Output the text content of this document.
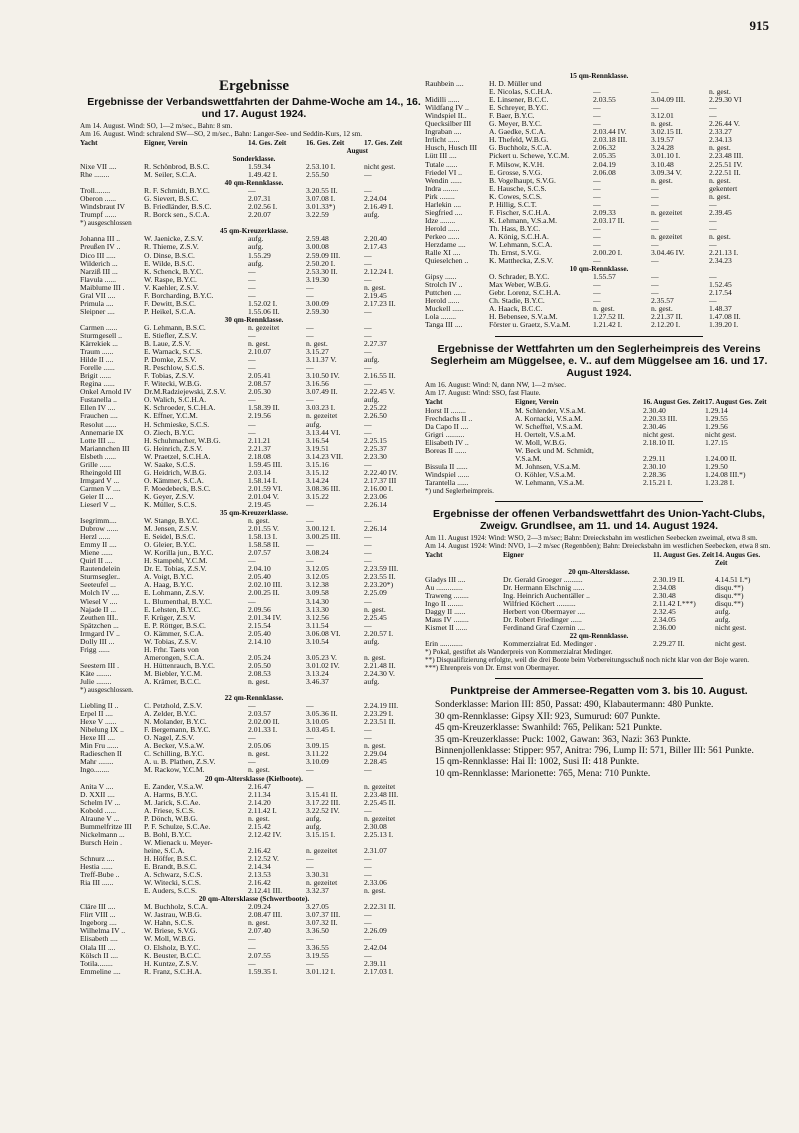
915
Ergebnisse
Ergebnisse der Verbandswettfahrten der Dahme-Woche am 14., 16. und 17. August 1924.

Am 14. August. Wind: SO, 1—2 m/sec., Bahn: 8 sm.

Am 16. August. Wind: schralend SW—SO, 2 m/sec., Bahn: Langer-See- und Seddin-Kurs, 12 sm.

Yacht	Eigner, Verein	14. Ges. Zeit	16. Ges. Zeit	17. Ges. Zeit
August
Sonderklasse.
Nixe VII ....	R. Schönbrod, B.S.C.	1.59.34	2.53.10 I.	nicht gest.
Rhe ........	M. Seiler, S.C.A.	1.49.42 I.	2.55.50	—
40 qm-Rennklasse.
Troll........	R. F. Schmidt, B.Y.C.	—	3.20.55 II.	—
Oberon ......	G. Sievert, B.S.C.	2.07.31	3.07.08 I.	2.24.04
Windsbraut IV	B. Friedländer, B.S.C.	2.02.56 I.	3.01.33*)	2.16.49 I.
Trumpf ......	R. Borck sen., S.C.A.	2.20.07	3.22.59	aufg.
*) ausgeschlossen
45 qm-Kreuzerklasse.
Johanna III ..	W. Jaenicke, Z.S.V.	aufg.	2.59.48	2.20.40
Preußen IV ..	R. Thieme, Z.S.V.	aufg.	3.00.08	2.17.43
Dico III .....	O. Dinse, B.S.C.	1.55.29	2.59.09 III.	—
Wilderich ...	E. Wilde, B.S.C.	aufg.	2.50.20 I.	—
Narziß III ...	K. Schenck, B.Y.C.	—	2.53.30 II.	2.12.24 I.
Flavula ......	W. Raspe, B.Y.C.	—	3.19.30	—
Maiblume III .	V. Kaehler, Z.S.V.	—	—	n. gest.
Gral VII ....	F. Borcharding, B.Y.C.	—	—	2.19.45
Primula ....	F. Dewitt, B.S.C.	1.52.02 I.	3.00.09	2.17.23 II.
Sleipner ....	P. Heikel, S.C.A.	1.55.06 II.	2.59.30	—
30 qm-Rennklasse.
Carmen ......	G. Lehmann, B.S.C.	n. gezeitet	—	—
Sturmgesell ..	E. Stiefler, Z.S.V.	—	—	—
Kärrekiek ...	B. Laue, Z.S.V.	n. gest.	n. gest.	2.27.37
Traum ......	E. Warnack, S.C.S.	2.10.07	3.15.27	—
Hilde II ....	P. Domke, Z.S.V.	—	3.11.37 V.	aufg.
Forelle ......	R. Peschlow, S.C.S.	—	—	—
Brigit ......	F. Tobias, Z.S.V.	2.05.41	3.10.50 IV.	2.16.55 II.
Regina ......	F. Witecki, W.B.G.	2.08.57	3.16.56	—
Onkel Arnold IV	Dr.M.Radziejewski, Z.S.V.	2.05.30	3.07.49 II.	2.22.45 V.
Fustanella ..	O. Walich, S.C.H.A.	—	—	aufg.
Ellen IV ....	K. Schroeder, S.C.H.A.	1.58.39 II.	3.03.23 I.	2.25.22
Frauchen ....	K. Effner, Y.C.M.	2.19.56	n. gezeitet	2.26.50
Resolut ......	H. Schmieske, S.C.S.	—	aufg.	—
Annemarie IX	O. Ziech, B.Y.C.	—	3.13.44 VI.	—
Lotte III ....	H. Schuhmacher, W.B.G.	2.11.21	3.16.54	2.25.15
Mariannchen III	G. Heinrich, Z.S.V.	2.21.37	3.19.51	2.25.37
Elsbeth ......	W. Praetzel, S.C.H.A.	2.18.08	3.14.23 VII.	2.23.30
Grille ......	W. Saake, S.C.S.	1.59.45 III.	3.15.16	—
Rheingold III	G. Heidrich, W.B.G.	2.03.14	3.15.12	2.22.40 IV.
Irmgard V ...	O. Kämmer, S.C.A.	1.58.14 I.	3.14.24	2.17.37 III
Carmen V ....	F. Moedebeck, B.S.C.	2.01.59 VI.	3.08.36 III.	2.16.00 I.
Geier II ....	K. Geyer, Z.S.V.	2.01.04 V.	3.15.22	2.23.06
Lieserl V ...	K. Müller, S.C.S.	2.19.45	—	2.26.14
35 qm-Kreuzerklasse.
Isegrimm....	W. Stange, B.Y.C.	n. gest.	—	—
Dubrow ......	M. Jensen, Z.S.V.	2.01.55 V.	3.00.12 I.	2.26.14
Herzl ......	E. Seidel, B.S.C.	1.58.13 I.	3.00.25 III.	—
Emmy II ....	O. Gleier, B.Y.C.	1.58.58 II.	—	—
Miene ......	W. Korilla jun., B.Y.C.	2.07.57	3.08.24	—
Quirl II ....	H. Stampehl, Y.C.M.	—	—	—
Rautendelein	Dr. E. Tobias, Z.S.V.	2.04.10	3.12.05	2.23.59 III.
Sturmsegler..	A. Voigt, B.Y.C.	2.05.40	3.12.05	2.23.55 II.
Seeteufel ...	A. Haag, B.Y.C.	2.02.10 III.	3.12.38	2.23.20*)
Molch IV ....	E. Lohmann, Z.S.V.	2.00.25 II.	3.09.58	2.25.09
Wiesel V ....	L. Blumenthal, B.Y.C.	—	3.14.30	—
Najade II ...	E. Lehsten, B.Y.C.	2.09.56	3.13.30	n. gest.
Zeuthen III..	F. Krüger, Z.S.V.	2.01.34 IV.	3.12.56	2.25.45
Spätzchen ...	E. P. Röttger, B.S.C.	2.15.54	3.11.54	—
Irmgard IV ..	O. Kämmer, S.C.A.	2.05.40	3.06.08 VI.	2.20.57 I.
Dolly III ...	W. Tobias, Z.S.V.	2.14.10	3.10.54	aufg.
Frigg ......	H. Frhr. Taets von
Amerongen, S.C.A.	2.05.24	3.05.23 V.	n. gest.
Seestern III .	H. Hüttenrauch, B.Y.C.	2.05.50	3.01.02 IV.	2.21.48 II.
Käte ........	M. Biebler, Y.C.M.	2.08.53	3.13.24	2.24.30 V.
Julie ........	A. Krämer, B.C.C.	n. gest.	3.46.37	aufg.
*) ausgeschlossen.
22 qm-Rennklasse.
Liebling II ..	C. Petzhold, Z.S.V.	—	—	2.24.19 III.
Erpel II ....	A. Zelder, B.Y.C.	2.03.57	3.05.36 II.	2.23.29 I.
Hexe V ......	N. Molander, B.Y.C.	2.02.00 II.	3.10.05	2.23.51 II.
Nibelung IX ..	F. Bergemann, B.Y.C.	2.01.33 I.	3.03.45 I.	—
Hexe III ....	O. Nagel, Z.S.V.	—	—	—
Min Fru ......	A. Becker, V.S.a.W.	2.05.06	3.09.15	n. gest.
Radieschen II	C. Schilling, B.Y.C.	n. gest.	3.11.22	2.29.04
Mahr ........	A. u. B. Plathen, Z.S.V.	—	3.10.09	2.28.45
Ingo........	M. Rackow, Y.C.M.	n. gest.	—	—
20 qm-Altersklasse (Kielboote).
Anita V ....	E. Zander, V.S.a.W.	2.16.47	—	n. gezeitet
D. XXII ....	A. Harms, B.Y.C.	2.11.34	3.15.41 II.	2.23.48 III.
Schelm IV ...	M. Jarick, S.C.Ae.	2.14.20	3.17.22 III.	2.25.45 II.
Kobold ......	A. Friese, S.C.S.	2.11.42 I.	3.22.52 IV.	—
Alraune V ...	P. Dönch, W.B.G.	n. gest.	aufg.	n. gezeitet
Bummelfritze III	P. F. Schulze, S.C.Ae.	2.15.42	aufg.	2.30.08
Nickelmann ...	B. Bohl, B.Y.C.	2.12.42 IV.	3.15.15 I.	2.25.13 I.
Bursch Hein .	W. Mienack u. Meyer-
heine, S.C.A.	2.16.42	n. gezeitet	2.31.07
Schnurz ....	H. Höffer, B.S.C.	2.12.52 V.	—	—
Hestia ......	E. Brandt, B.S.C.	2.14.34	—	—
Treff-Bube ..	A. Schwarz, S.C.S.	2.13.53	3.30.31	—
Ria III ......	W. Witecki, S.C.S.	2.16.42	n. gezeitet	2.33.06
E. Auders, S.C.S.	2.12.41 III.	3.32.37	n. gest.
20 qm-Altersklasse (Schwertboote).
Cläre III ....	M. Buchholz, S.C.A.	2.09.24	3.27.05	2.22.31 II.
Flirt VIII ...	W. Jastrau, W.B.G.	2.08.47 III.	3.07.37 III.	—
Ingeborg ....	W. Hahn, S.C.S.	n. gest.	3.07.32 II.	—
Wilhelma IV ..	W. Briese, S.V.G.	2.07.40	3.36.50	2.26.09
Elisabeth ....	W. Moll, W.B.G.	—	—	—
Olala III ....	O. Elsholz, B.Y.C.	—	3.36.55	2.42.04
Kölsch II ....	K. Beuster, B.C.C.	2.07.55	3.19.55	—
Totila........	H. Kuntze, Z.S.V.	—	—	2.39.11
Emmeline ....	R. Franz, S.C.H.A.	1.59.35 I.	3.01.12 I.	2.17.03 I.
15 qm-Rennklasse.
Rauhbein ....	H. D. Müller und
E. Nicolas, S.C.H.A.	—	—	n. gest.
Midilli ......	E. Linsener, B.C.C.	2.03.55	3.04.09 III.	2.29.30 VI
Wildfang IV ..	E. Schreyer, B.Y.C.	—	—	—
Windspiel II..	F. Baer, B.Y.C.	—	3.12.01	—
Quecksilber III	G. Meyer, B.Y.C.	—	n. gest.	2.26.44 V.
Ingraban ....	A. Gaedke, S.C.A.	2.03.44 IV.	3.02.15 II.	2.33.27
Irrlicht ......	H. Thefeld, W.B.G.	2.03.18 III.	3.19.57	2.34.13
Husch, Husch III	G. Buchholz, S.C.A.	2.06.32	3.24.28	n. gest.
Lütt III ....	Pickert u. Schewe, Y.C.M.	2.05.35	3.01.10 I.	2.23.48 III.
Tutale ......	F. Milsow, K.V.H.	2.04.19	3.10.48	2.25.51 IV.
Friedel VI ..	E. Grosse, S.V.G.	2.06.08	3.09.34 V.	2.22.51 II.
Wendin ......	B. Vogelhaupt, S.V.G.	—	n. gest.	n. gest.
Indra ........	E. Hausche, S.C.S.	—	—	gekentert
Pirk ........	K. Cowes, S.C.S.	—	—	n. gest.
Harlekin ....	P. Hillig, S.C.T.	—	—	—
Siegfried ....	F. Fischer, S.C.H.A.	2.09.33	n. gezeitet	2.39.45
Idze ........	K. Lehmann, V.S.a.M.	2.03.17 II.	—	—
Herold ......	Th. Hass, B.Y.C.	—	—	—
Perkeo ......	A. König, S.C.H.A.	—	n. gezeitet	n. gest.
Herzdame ....	W. Lehmann, S.C.A.	—	—	—
Ralle XI ....	Th. Ernst, S.V.G.	2.00.20 I.	3.04.46 IV.	2.21.13 I.
Quieselchen ..	K. Matthecka, Z.S.V.	—	—	2.34.23
10 qm-Rennklasse.
Gipsy ......	O. Schrader, B.Y.C.	1.55.57	—	—
Strolch IV ..	Max Weber, W.B.G.	—	—	1.52.45
Puttchen ....	Gebr. Lorenz, S.C.H.A.	—	—	2.17.54
Herold ......	Ch. Stadie, B.Y.C.	—	2.35.57	—
Muckell ......	A. Haack, B.C.C.	n. gest.	n. gest.	1.48.37
Lola ........	H. Bebensee, S.V.a.M.	1.27.52 II.	2.21.37 II.	1.47.08 II.
Tanga III ....	Förster u. Graetz, S.V.a.M.	1.21.42 I.	2.12.20 I.	1.39.20 I.
Ergebnisse der Wettfahrten um den Seglerheimpreis des Vereins Seglerheim am Müggelsee, e. V.. auf dem Müggelsee am 16. und 17. August 1924.

Am 16. August: Wind: N, dann NW, 1—2 m/sec.

Am 17. August: Wind: SSO, fast Flaute.

Yacht	Eigner, Verein	16. August Ges. Zeit 17. August Ges. Zeit
Horst II ........	M. Schlender, V.S.a.M.	2.30.40	1.29.14
Frechdachs II ..	A. Kornacki, V.S.a.M.	2.20.33 III.	1.29.55
Da Capo II ....	W. Schefftel, V.S.a.M.	2.30.46	1.29.56
Grigri ..........	H. Oertelt, V.S.a.M.	nicht gest.	nicht gest.
Elisabeth IV ..	W. Moll, W.B.G.	2.18.10 II.	1.27.15
Boreas II ......	W. Beck und M. Schmidt,
V.S.a.M.	2.29.11	1.24.00 II.
Bissula II ......	M. Johnsen, V.S.a.M.	2.30.10	1.29.50
Windspiel ......	O. Köhler, V.S.a.M.	2.28.36	1.24.08 III.*)
Tarantella ......	W. Lehmann, V.S.a.M.	2.15.21 I.	1.23.28 I.

*) und Seglerheimpreis.

Ergebnisse der offenen Verbandswettfahrt des Union-Yacht-Clubs, Zweigv. Grundlsee, am 11. und 14. August 1924.

Am 11. August 1924: Wind: WSO, 2—3 m/sec; Bahn: Dreiecksbahn im westlichen Seebecken zweimal, etwa 8 sm.

Am 14. August 1924: Wind: NVO, 1—2 m/sec (Regenböen); Bahn: Dreiecksbahn im westlichen Seebecken, etwa 8 sm.

Yacht	Eigner	11. August Ges. Zeit 14. Augus Ges. Zeit
20 qm-Altersklasse.
Gladys III ....	Dr. Gerald Groeger ..........	2.30.19 II.	4.14.51 I.*)
Au ..............	Dr. Hermann Elschnig ......	2.34.08	disqu.**)
Traweng ........	Ing. Heinrich Auchentäller ..	2.30.48	disqu.**)
Ingo II ........	Wilfried Köchert ..........	2.11.42 I.***)	disqu.**)
Daggy II ......	Herbert von Obermayer ....	2.32.45	aufg.
Maus IV ........	Dr. Robert Friedinger ......	2.34.05	aufg.
Kismet II ......	Ferdinand Graf Czernin ....	2.36.00	nicht gest.
22 qm-Rennklasse.
Erin ............	Kommerzialrat Ed. Medinger .	2.29.27 II.	nicht gest.

*) Pokal, gestiftet als Wanderpreis von Kommerzialrat Medinger.

**) Disqualifizierung erfolgte, weil die drei Boote beim Vorbereitungsschuß noch nicht klar von der Boje waren.

***) Ehrenpreis von Dr. Ernst von Obermayer.

Punktpreise der Ammersee-Regatten vom 3. bis 10. August.

Sonderklasse: Marion III: 850, Passat: 490, Klabautermann: 480 Punkte.

30 qm-Rennklasse: Gipsy XII: 923, Sumurud: 607 Punkte.

45 qm-Kreuzerklasse: Swanhild: 765, Pelikan: 521 Punkte.

35 qm-Kreuzerklasse: Puck: 1002, Gawan: 363, Nazi: 363 Punkte.

Binnenjollenklasse: Stipper: 957, Anitra: 796, Lump II: 571, Biller III: 561 Punkte.

15 qm-Rennklasse: Hai II: 1002, Susi II: 418 Punkte.

10 qm-Rennklasse: Marionette: 765, Mena: 710 Punkte.
